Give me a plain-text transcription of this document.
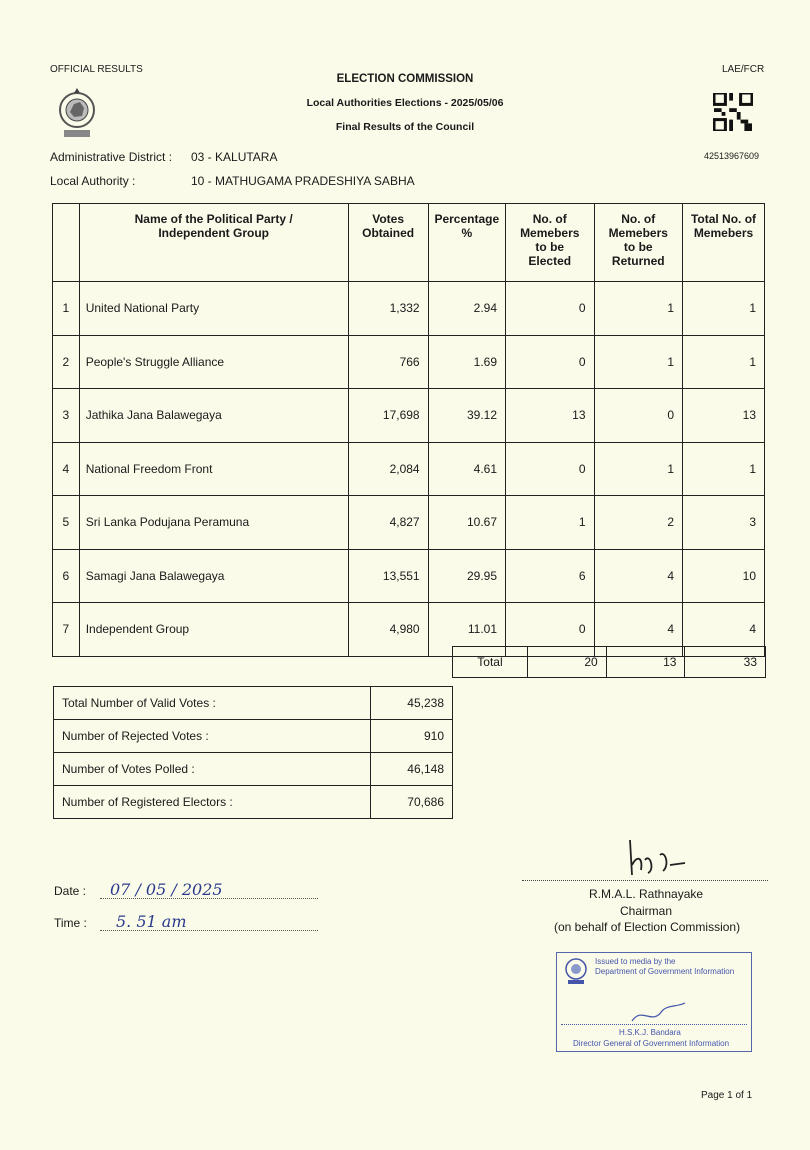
OFFICIAL RESULTS	LAE/FCR
ELECTION COMMISSION
Local Authorities Elections - 2025/05/06
Final Results of the Council
42513967609
Administrative District : 03 - KALUTARA
Local Authority :	10 - MATHUGAMA PRADESHIYA SABHA
	Name of the Political Party / Independent Group	Votes Obtained	Percentage %	No. of Memebers to be Elected	No. of Memebers to be Returned	Total No. of Memebers
1	United National Party	1,332	2.94	0	1	1
2	People's Struggle Alliance	766	1.69	0	1	1
3	Jathika Jana Balawegaya	17,698	39.12	13	0	13
4	National Freedom Front	2,084	4.61	0	1	1
5	Sri Lanka Podujana Peramuna	4,827	10.67	1	2	3
6	Samagi Jana Balawegaya	13,551	29.95	6	4	10
7	Independent Group	4,980	11.01	0	4	4
Total	20	13	33
Total Number of Valid Votes :	45,238
Number of Rejected Votes :	910
Number of Votes Polled :	46,148
Number of Registered Electors :	70,686
Date :	07 / 05 / 2025
Time :	5. 51 am
R.M.A.L. Rathnayake
Chairman
(on behalf of Election Commission)
Issued to media by the
Department of Government Information
H.S.K.J. Bandara
Director General of Government Information
Page 1 of 1
